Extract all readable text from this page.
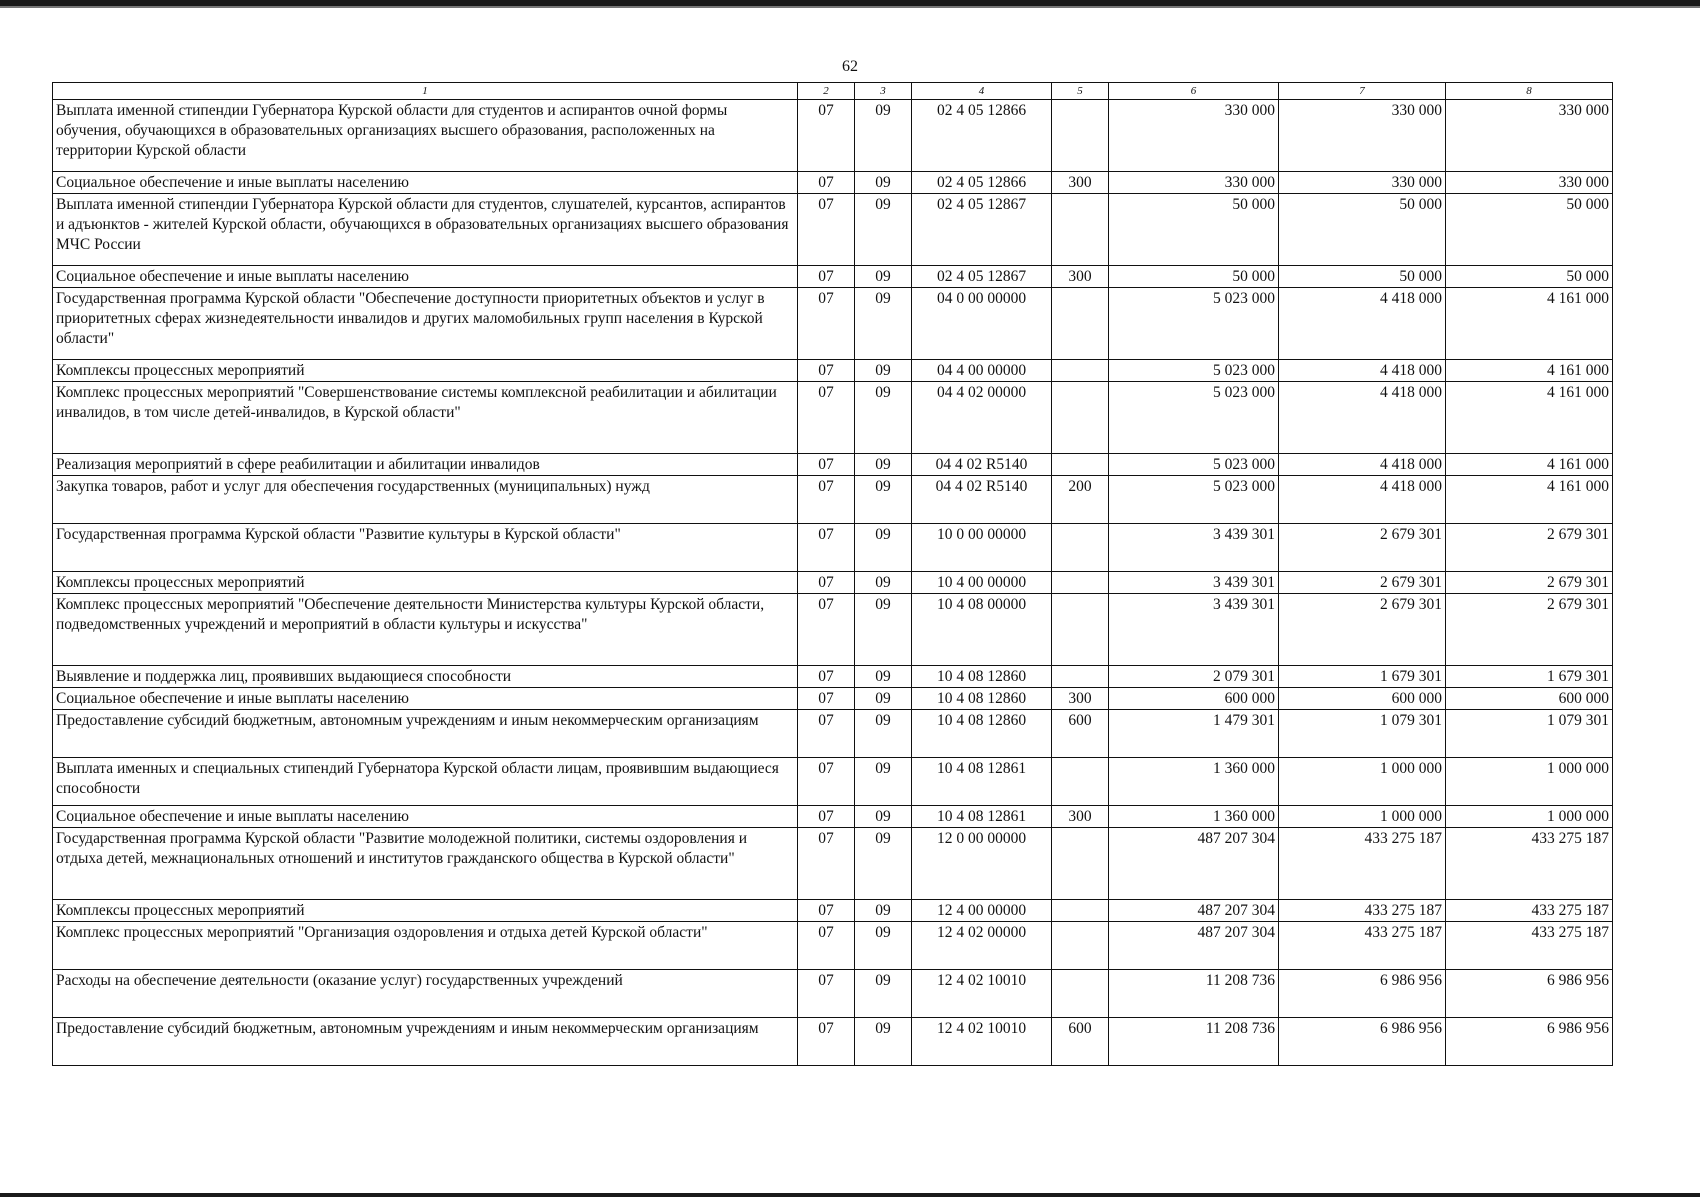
62
1	2	3	4	5	6	7	8
Выплата именной стипендии Губернатора Курской области для студентов и аспирантов очной формы обучения, обучающихся в образовательных организациях высшего образования, расположенных на территории Курской области	07	09	02 4 05 12866		330 000	330 000	330 000
Социальное обеспечение и иные выплаты населению	07	09	02 4 05 12866	300	330 000	330 000	330 000
Выплата именной стипендии Губернатора Курской области для студентов, слушателей, курсантов, аспирантов и адъюнктов - жителей Курской области, обучающихся в образовательных организациях высшего образования МЧС России	07	09	02 4 05 12867		50 000	50 000	50 000
Социальное обеспечение и иные выплаты населению	07	09	02 4 05 12867	300	50 000	50 000	50 000
Государственная программа Курской области "Обеспечение доступности приоритетных объектов и услуг в приоритетных сферах жизнедеятельности инвалидов и других маломобильных групп населения в Курской области"	07	09	04 0 00 00000		5 023 000	4 418 000	4 161 000
Комплексы процессных мероприятий	07	09	04 4 00 00000		5 023 000	4 418 000	4 161 000
Комплекс процессных мероприятий "Совершенствование системы комплексной реабилитации и абилитации инвалидов, в том числе детей-инвалидов, в Курской области"	07	09	04 4 02 00000		5 023 000	4 418 000	4 161 000
Реализация мероприятий в сфере реабилитации и абилитации инвалидов	07	09	04 4 02 R5140		5 023 000	4 418 000	4 161 000
Закупка товаров, работ и услуг для обеспечения государственных (муниципальных) нужд	07	09	04 4 02 R5140	200	5 023 000	4 418 000	4 161 000
Государственная программа Курской области "Развитие культуры в Курской области"	07	09	10 0 00 00000		3 439 301	2 679 301	2 679 301
Комплексы процессных мероприятий	07	09	10 4 00 00000		3 439 301	2 679 301	2 679 301
Комплекс процессных мероприятий "Обеспечение деятельности Министерства культуры Курской области, подведомственных учреждений и мероприятий в области культуры и искусства"	07	09	10 4 08 00000		3 439 301	2 679 301	2 679 301
Выявление и поддержка лиц, проявивших выдающиеся способности	07	09	10 4 08 12860		2 079 301	1 679 301	1 679 301
Социальное обеспечение и иные выплаты населению	07	09	10 4 08 12860	300	600 000	600 000	600 000
Предоставление субсидий бюджетным, автономным учреждениям и иным некоммерческим организациям	07	09	10 4 08 12860	600	1 479 301	1 079 301	1 079 301
Выплата именных и специальных стипендий Губернатора Курской области лицам, проявившим выдающиеся способности	07	09	10 4 08 12861		1 360 000	1 000 000	1 000 000
Социальное обеспечение и иные выплаты населению	07	09	10 4 08 12861	300	1 360 000	1 000 000	1 000 000
Государственная программа Курской области "Развитие молодежной политики, системы оздоровления и отдыха детей, межнациональных отношений и институтов гражданского общества в Курской области"	07	09	12 0 00 00000		487 207 304	433 275 187	433 275 187
Комплексы процессных мероприятий	07	09	12 4 00 00000		487 207 304	433 275 187	433 275 187
Комплекс процессных мероприятий "Организация оздоровления и отдыха детей Курской области"	07	09	12 4 02 00000		487 207 304	433 275 187	433 275 187
Расходы на обеспечение деятельности (оказание услуг) государственных учреждений	07	09	12 4 02 10010		11 208 736	6 986 956	6 986 956
Предоставление субсидий бюджетным, автономным учреждениям и иным некоммерческим организациям	07	09	12 4 02 10010	600	11 208 736	6 986 956	6 986 956
